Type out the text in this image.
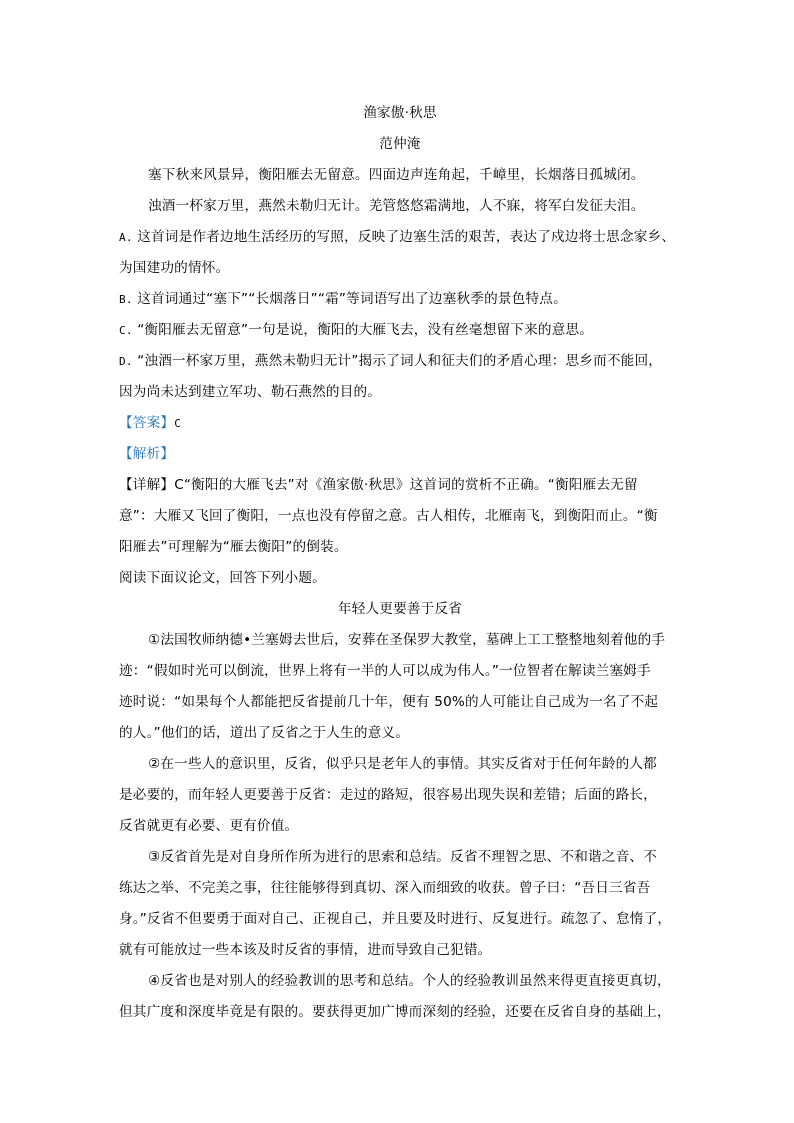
渔家傲·秋思
范仲淹
塞下秋来风景异，衡阳雁去无留意。四面边声连角起，千嶂里，长烟落日孤城闭。
浊酒一杯家万里，燕然未勒归无计。羌管悠悠霜满地，人不寐，将军白发征夫泪。
A. 这首词是作者边地生活经历的写照，反映了边塞生活的艰苦，表达了戍边将士思念家乡、
为国建功的情怀。
B. 这首词通过“塞下”“长烟落日”“霜”等词语写出了边塞秋季的景色特点。
C. “衡阳雁去无留意”一句是说，衡阳的大雁飞去，没有丝毫想留下来的意思。
D. “浊酒一杯家万里，燕然未勒归无计”揭示了词人和征夫们的矛盾心理：思乡而不能回，
因为尚未达到建立军功、勒石燕然的目的。
【答案】C
【解析】
【详解】C“衡阳的大雁飞去”对《渔家傲·秋思》这首词的赏析不正确。“衡阳雁去无留
意”：大雁又飞回了衡阳，一点也没有停留之意。古人相传，北雁南飞，到衡阳而止。“衡
阳雁去”可理解为“雁去衡阳”的倒装。
阅读下面议论文，回答下列小题。
年轻人更要善于反省
①法国牧师纳德•兰塞姆去世后，安葬在圣保罗大教堂，墓碑上工工整整地刻着他的手
迹：“假如时光可以倒流，世界上将有一半的人可以成为伟人。”一位智者在解读兰塞姆手
迹时说：“如果每个人都能把反省提前几十年，便有 50%的人可能让自己成为一名了不起
的人。”他们的话，道出了反省之于人生的意义。
②在一些人的意识里，反省，似乎只是老年人的事情。其实反省对于任何年龄的人都
是必要的，而年轻人更要善于反省：走过的路短，很容易出现失误和差错；后面的路长，
反省就更有必要、更有价值。
③反省首先是对自身所作所为进行的思索和总结。反省不理智之思、不和谐之音、不
练达之举、不完美之事，往往能够得到真切、深入而细致的收获。曾子曰：“吾日三省吾
身。”反省不但要勇于面对自己、正视自己，并且要及时进行、反复进行。疏忽了、怠惰了，
就有可能放过一些本该及时反省的事情，进而导致自己犯错。
④反省也是对别人的经验教训的思考和总结。个人的经验教训虽然来得更直接更真切，
但其广度和深度毕竟是有限的。要获得更加广博而深刻的经验，还要在反省自身的基础上，
